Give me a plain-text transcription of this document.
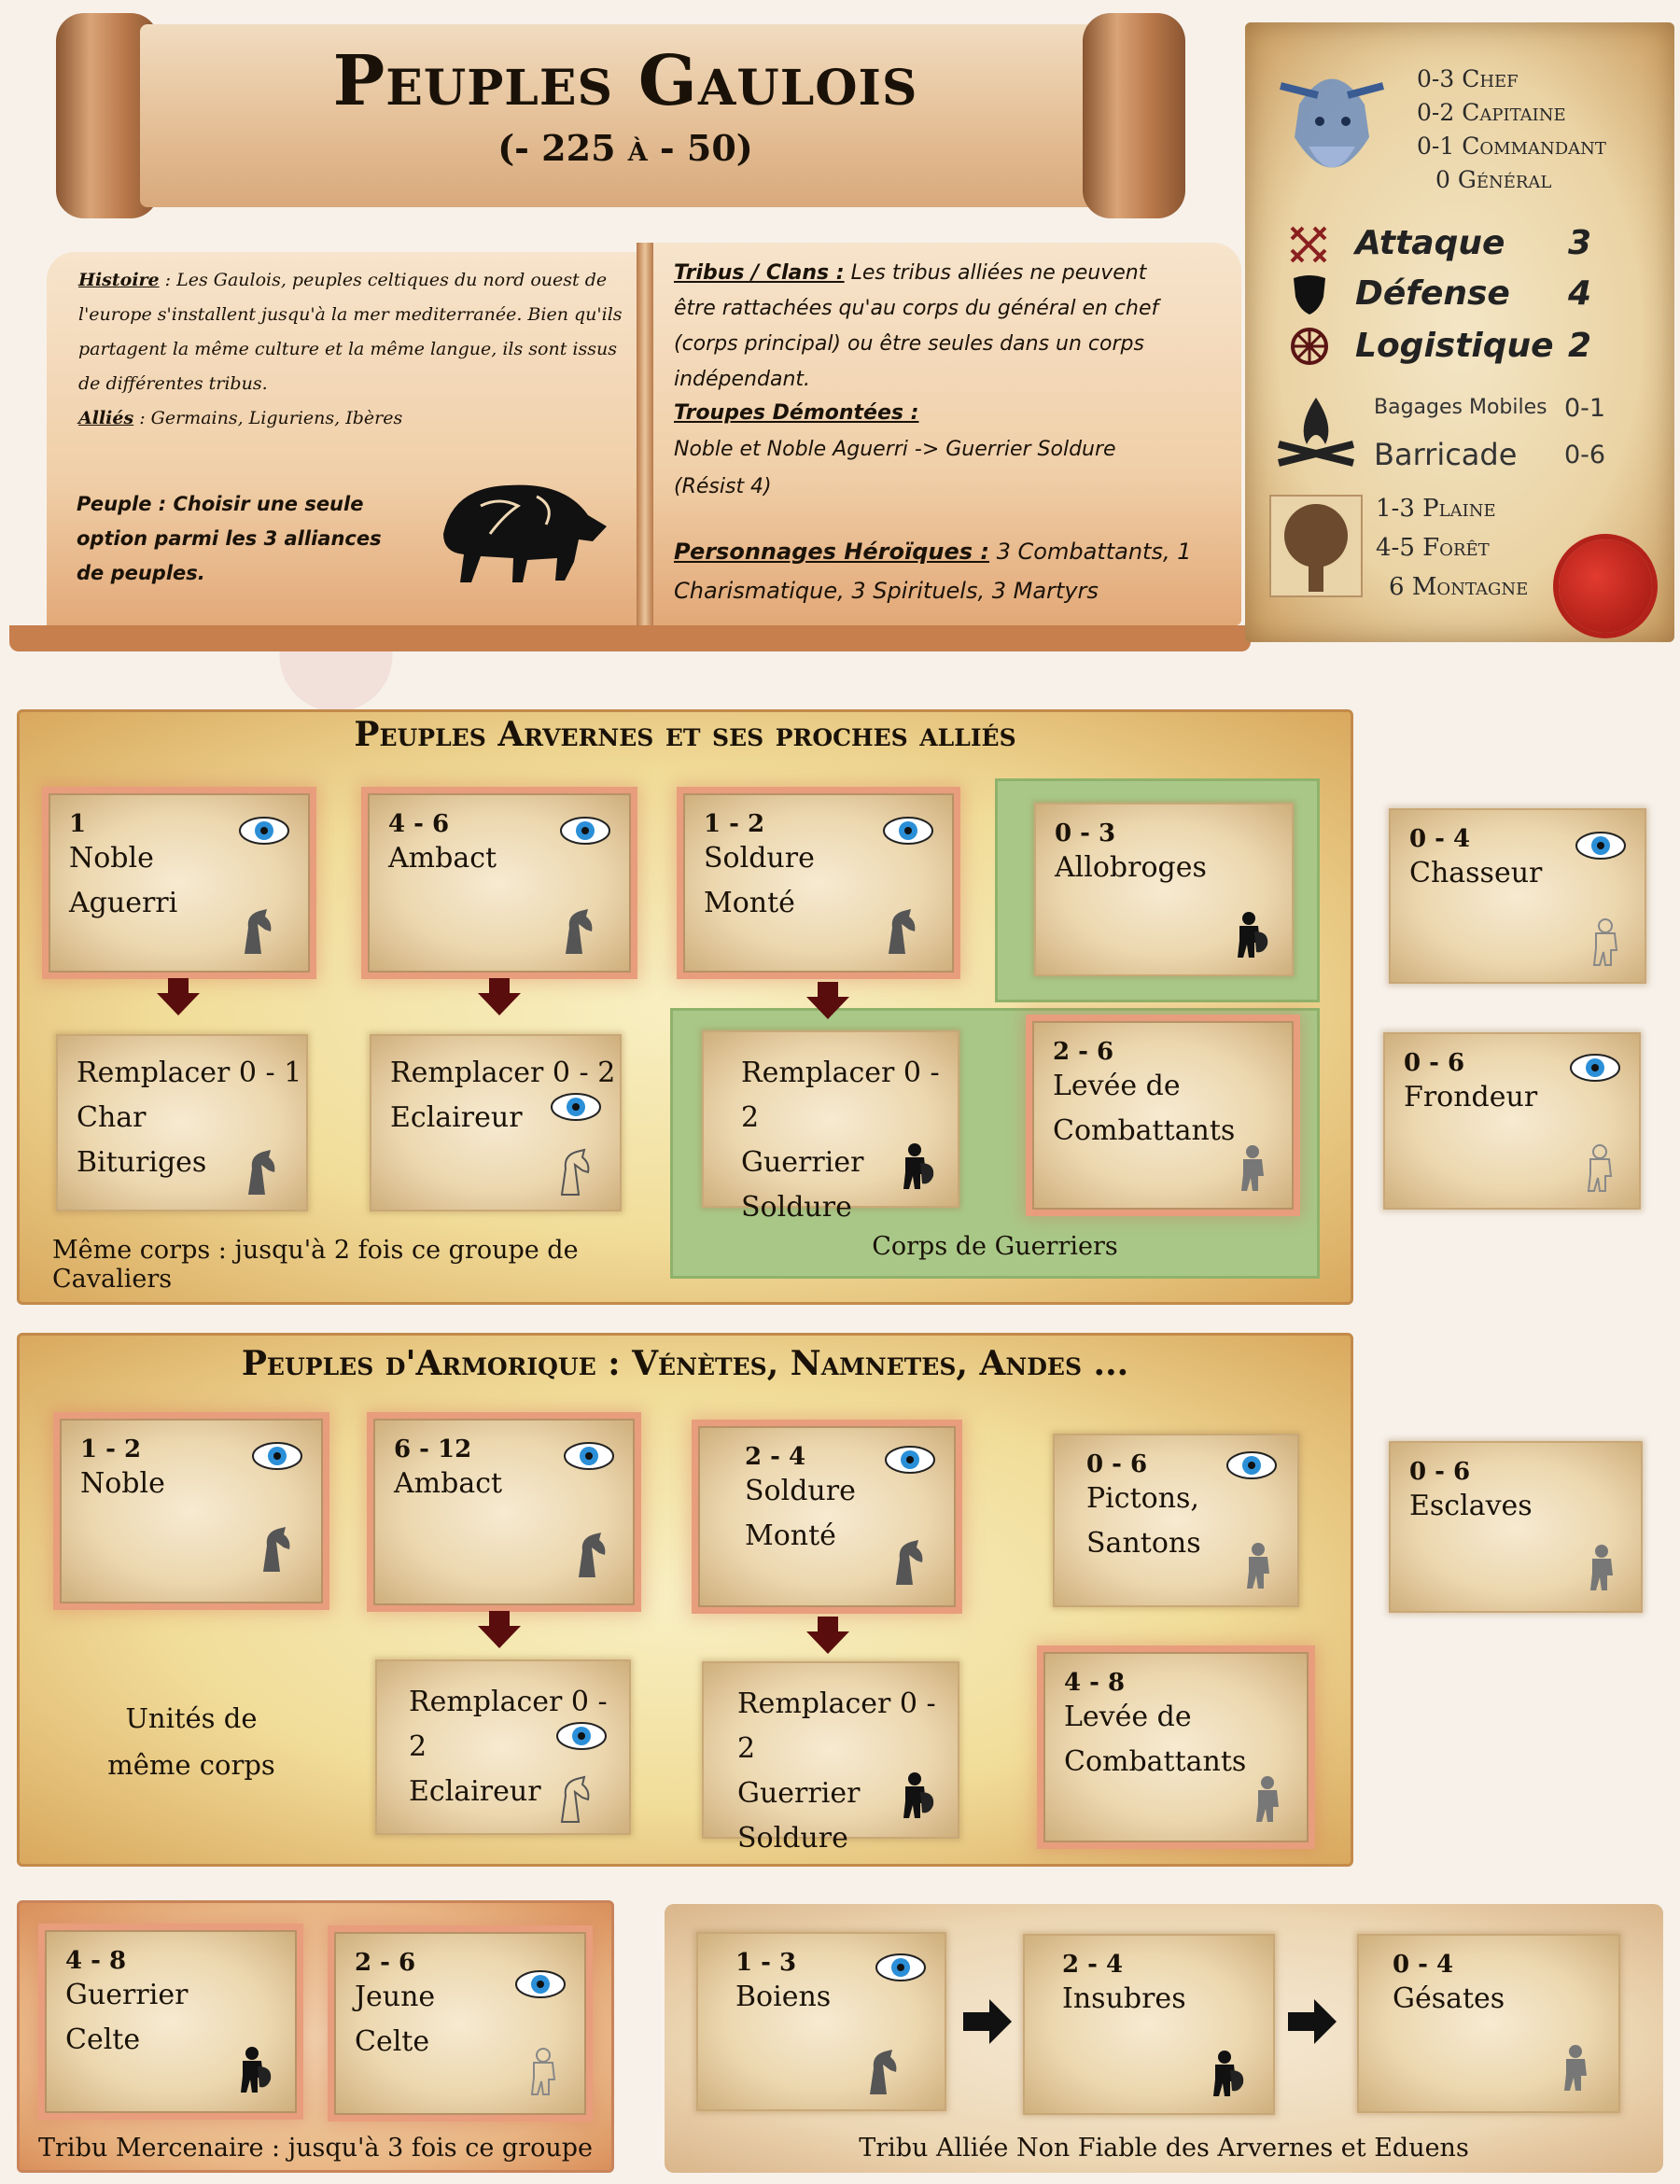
Peuples Gaulois
(- 225 à - 50)
Histoire : Les Gaulois, peuples celtiques du nord ouest de l'europe s'installent jusqu'à la mer mediterranée. Bien qu'ils partagent la même culture et la même langue, ils sont issus de différentes tribus.
Alliés : Germains, Liguriens, Ibères
Peuple : Choisir une seule option parmi les 3 alliances de peuples.
Tribus / Clans : Les tribus alliées ne peuvent être rattachées qu'au corps du général en chef (corps principal) ou être seules dans un corps indépendant.
Troupes Démontées :
Noble et Noble Aguerri -> Guerrier Soldure (Résist 4)
Personnages Héroïques : 3 Combattants, 1 Charismatique, 3 Spirituels, 3 Martyrs
0-3 Chef
0-2 Capitaine
0-1 Commandant
0 Général
Attaque 3
Défense 4
Logistique 2
Bagages Mobiles 0-1
Barricade 0-6
1-3 Plaine
4-5 Forêt
6 Montagne
Peuples Arvernes et ses proches alliés
1
Noble
Aguerri
4 - 6
Ambact
1 - 2
Soldure
Monté
0 - 3
Allobroges
0 - 4
Chasseur
Remplacer 0 - 1
Char
Bituriges
Remplacer 0 - 2
Eclaireur
Remplacer 0 - 2
Guerrier
Soldure
2 - 6
Levée de
Combattants
0 - 6
Frondeur
Même corps : jusqu'à 2 fois ce groupe de Cavaliers
Corps de Guerriers
Peuples d'Armorique : Vénètes, Namnetes, Andes ...
1 - 2
Noble
6 - 12
Ambact
2 - 4
Soldure
Monté
0 - 6
Pictons,
Santons
0 - 6
Esclaves
Unités de
même corps
Remplacer 0 - 2
Eclaireur
Remplacer 0 - 2
Guerrier
Soldure
4 - 8
Levée de
Combattants
4 - 8
Guerrier
Celte
2 - 6
Jeune
Celte
1 - 3
Boiens
2 - 4
Insubres
0 - 4
Gésates
Tribu Mercenaire : jusqu'à 3 fois ce groupe	Tribu Alliée Non Fiable des Arvernes et Eduens
